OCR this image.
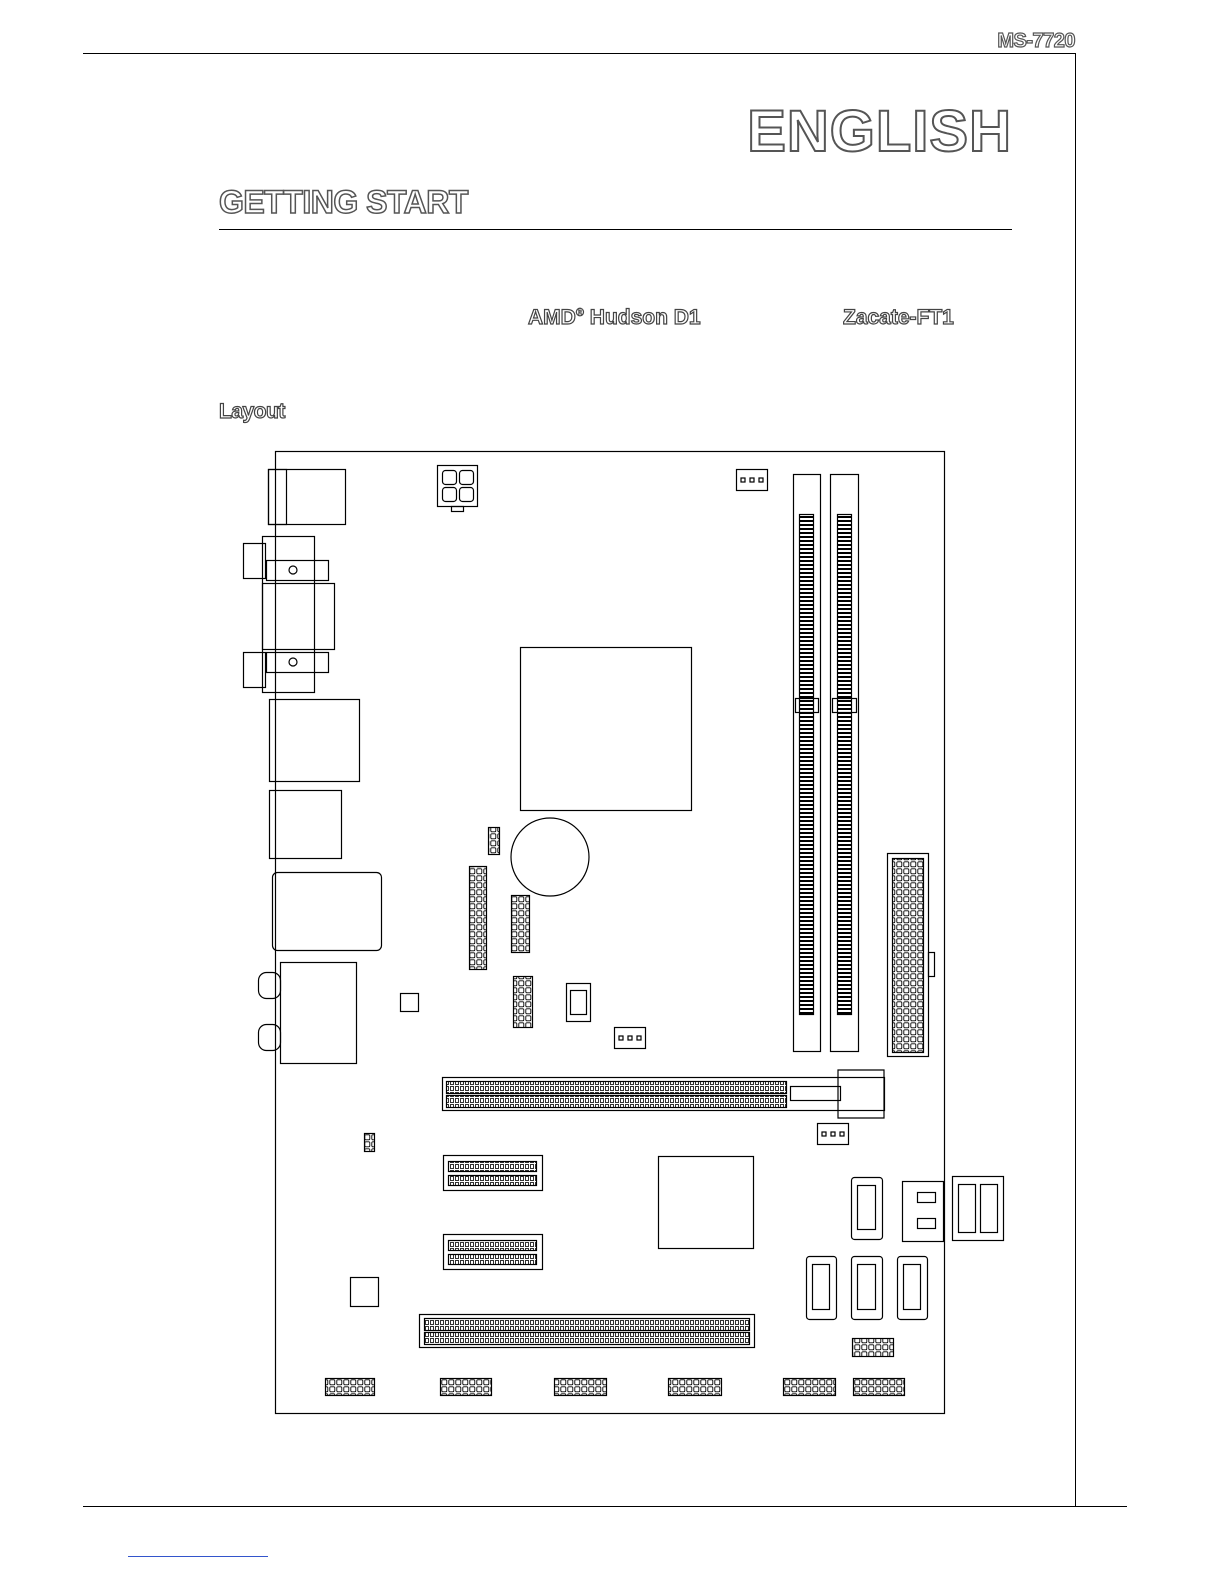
MS-7720
ENGLISH
GETTING START
AMD® Hudson D1	Zacate-FT1
Layout
